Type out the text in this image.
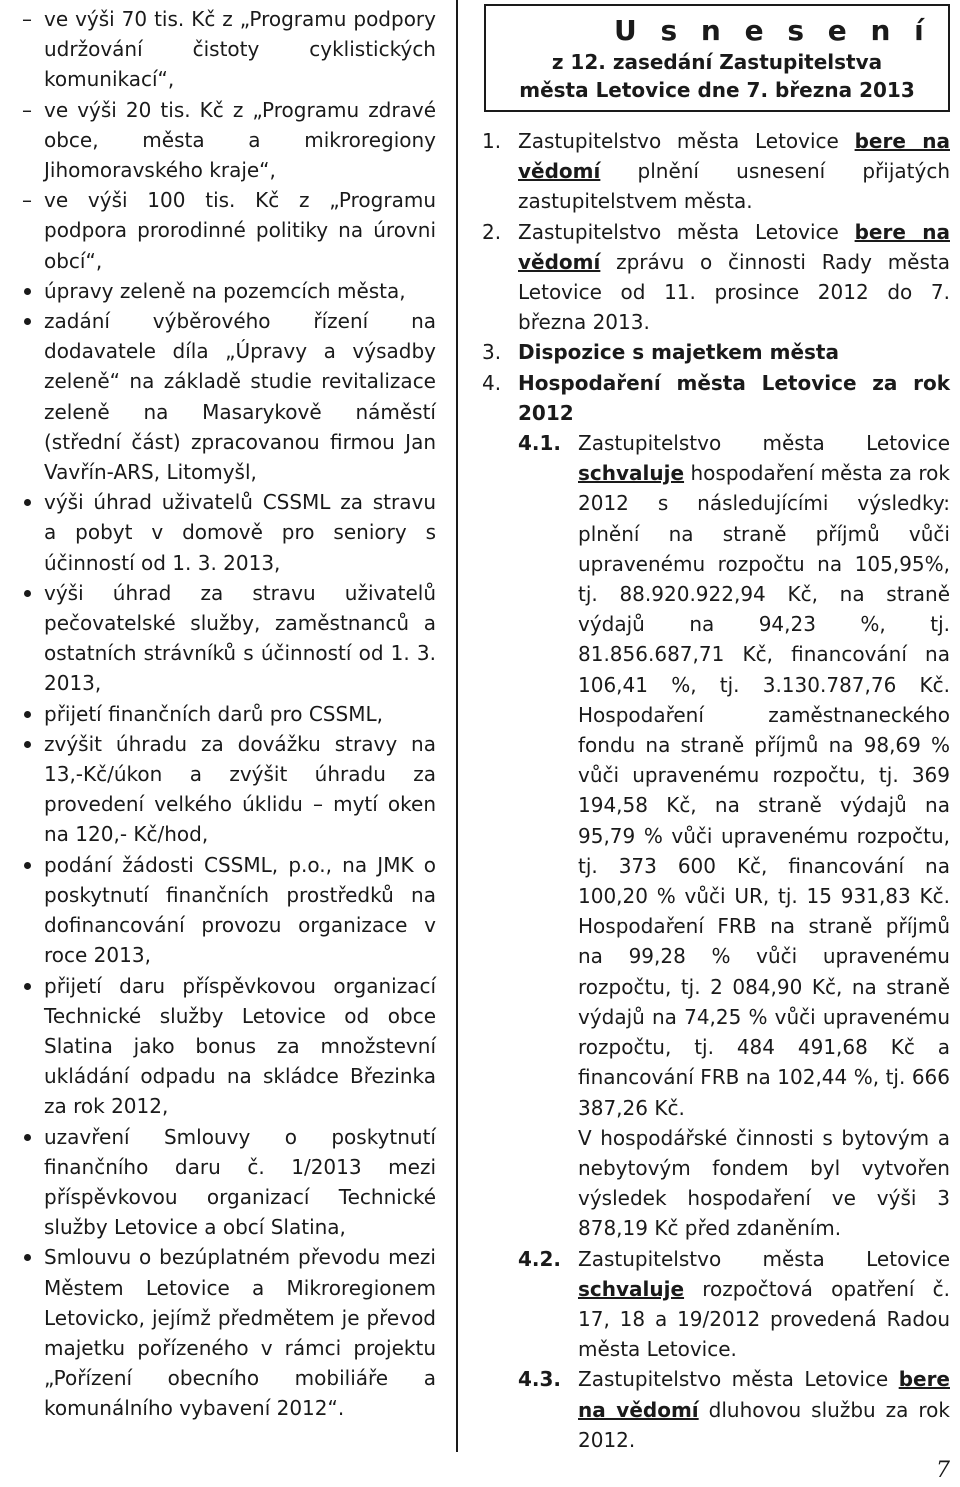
– ve výši 70 tis. Kč z „Programu podpory udržování čistoty cyklistických komunikací“,
– ve výši 20 tis. Kč z „Programu zdravé obce, města a mikroregiony Jihomoravského kraje“,
– ve výši 100 tis. Kč z „Programu podpora prorodinné politiky na úrovni obcí“,
úpravy zeleně na pozemcích města,
zadání výběrového řízení na dodavatele díla „Úpravy a výsadby zeleně“ na základě studie revitalizace zeleně na Masarykově náměstí (střední část) zpracovanou firmou Jan Vavřín-ARS, Litomyšl,
výši úhrad uživatelů CSSML za stravu a pobyt v domově pro seniory s účinností od 1. 3. 2013,
výši úhrad za stravu uživatelů pečovatelské služby, zaměstnanců a ostatních strávníků s účinností od 1. 3. 2013,
přijetí finančních darů pro CSSML,
zvýšit úhradu za dovážku stravy na 13,-Kč/úkon a zvýšit úhradu za provedení velkého úklidu – mytí oken na 120,- Kč/hod,
podání žádosti CSSML, p.o., na JMK o poskytnutí finančních prostředků na dofinancování provozu organizace v roce 2013,
přijetí daru příspěvkovou organizací Technické služby Letovice od obce Slatina jako bonus za množstevní ukládání odpadu na skládce Březinka za rok 2012,
uzavření Smlouvy o poskytnutí finančního daru č. 1/2013 mezi příspěvkovou organizací Technické služby Letovice a obcí Slatina,
Smlouvu o bezúplatném převodu mezi Městem Letovice a Mikroregionem Letovicko, jejímž předmětem je převod majetku pořízeného v rámci projektu „Pořízení obecního mobiliáře a komunálního vybavení 2012“.
U s n e s e n í
z 12. zasedání Zastupitelstva
města Letovice dne 7. března 2013
1. Zastupitelstvo města Letovice bere na vědomí plnění usnesení přijatých zastupitelstvem města.
2. Zastupitelstvo města Letovice bere na vědomí zprávu o činnosti Rady města Letovice od 11. prosince 2012 do 7. března 2013.
3. Dispozice s majetkem města
4. Hospodaření města Letovice za rok 2012
4.1. Zastupitelstvo města Letovice schvaluje hospodaření města za rok 2012 s následujícími výsledky: plnění na straně příjmů vůči upravenému rozpočtu na 105,95%, tj. 88.920.922,94 Kč, na straně výdajů na 94,23 %, tj. 81.856.687,71 Kč, financování na 106,41 %, tj. 3.130.787,76 Kč. Hospodaření zaměstnaneckého fondu na straně příjmů na 98,69 % vůči upravenému rozpočtu, tj. 369 194,58 Kč, na straně výdajů na 95,79 % vůči upravenému rozpočtu, tj. 373 600 Kč, financování na 100,20 % vůči UR, tj. 15 931,83 Kč. Hospodaření FRB na straně příjmů na 99,28 % vůči upravenému rozpočtu, tj. 2 084,90 Kč, na straně výdajů na 74,25 % vůči upravenému rozpočtu, tj. 484 491,68 Kč a financování FRB na 102,44 %, tj. 666 387,26 Kč.

V hospodářské činnosti s bytovým a nebytovým fondem byl vytvořen výsledek hospodaření ve výši 3 878,19 Kč před zdaněním.

4.2. Zastupitelstvo města Letovice schvaluje rozpočtová opatření č. 17, 18 a 19/2012 provedená Radou města Letovice.

4.3. Zastupitelstvo města Letovice bere na vědomí dluhovou službu za rok 2012.

7
